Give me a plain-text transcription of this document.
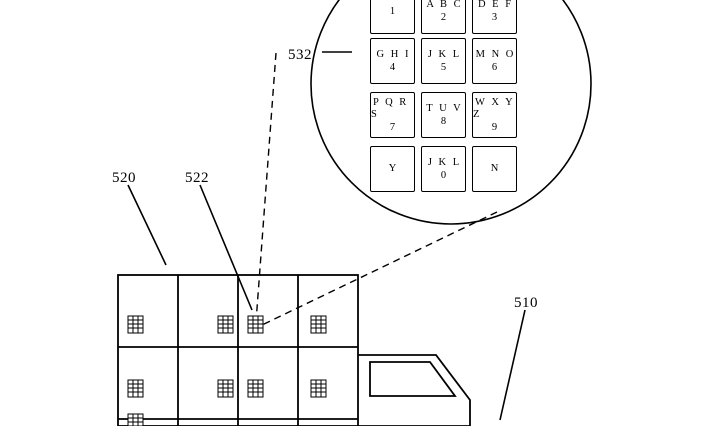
1
A B C
2
D E F
3
G H I
4
J K L
5
M N O
6
P Q R S
7
T U V
8
W X Y Z
9
Y
J K L
0
N
532
520	522
510
